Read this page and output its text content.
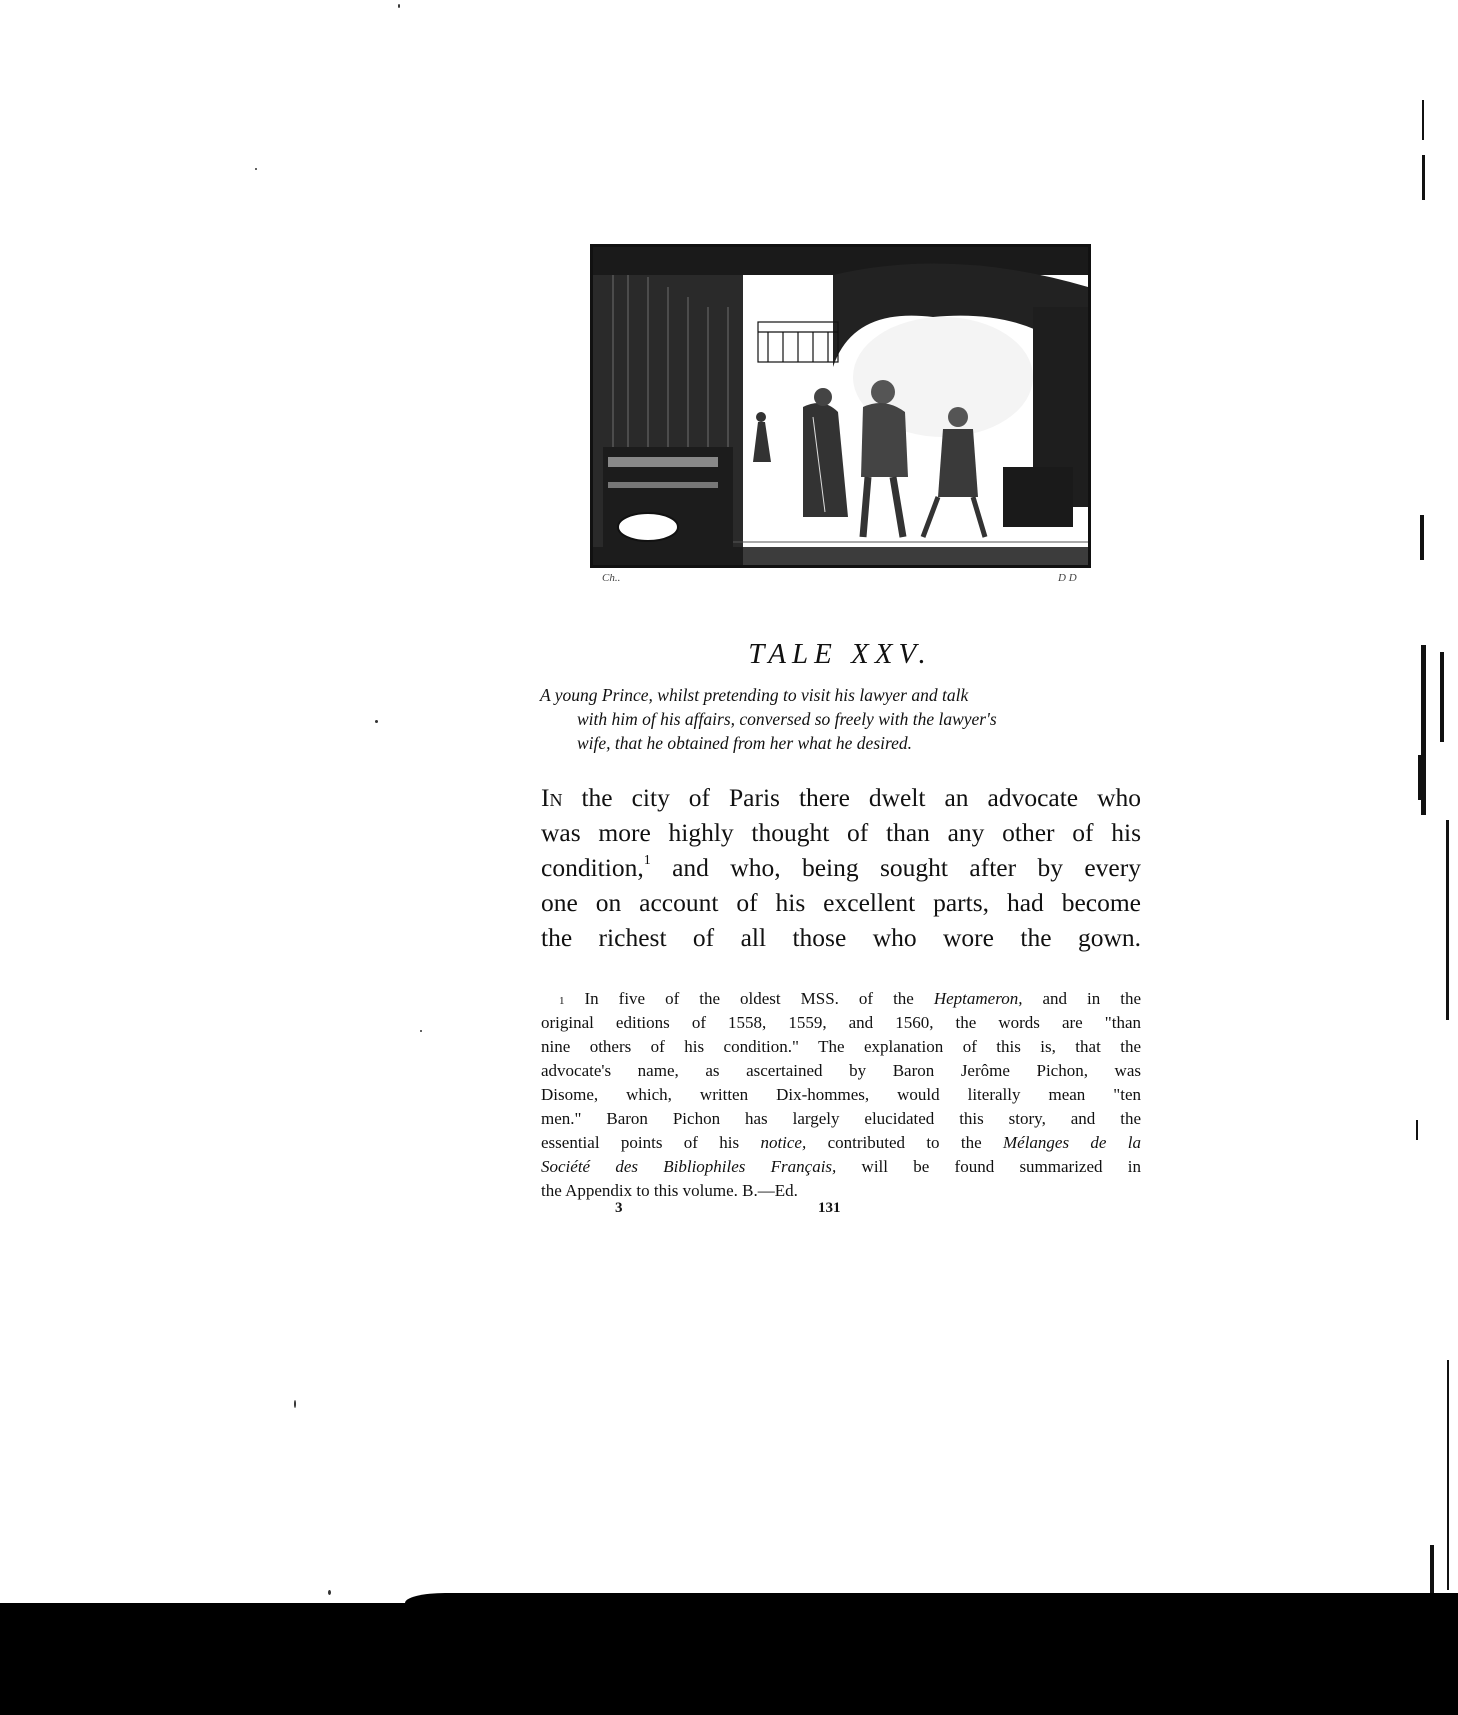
Ch..	D D
TALE XXV.
A young Prince, whilst pretending to visit his lawyer and talk
with him of his affairs, conversed so freely with the lawyer's
wife, that he obtained from her what he desired.
In the city of Paris there dwelt an advocate who
was more highly thought of than any other of his
condition,$^1$ and who, being sought after by every
one on account of his excellent parts, had become
the richest of all those who wore the gown.
$^1$ In five of the oldest MSS. of the Heptameron, and in the
original editions of 1558, 1559, and 1560, the words are "than
nine others of his condition." The explanation of this is, that the
advocate's name, as ascertained by Baron Jerôme Pichon, was
Disome, which, written Dix-hommes, would literally mean "ten
men." Baron Pichon has largely elucidated this story, and the
essential points of his notice, contributed to the Mélanges de la
Société des Bibliophiles Français, will be found summarized in
the Appendix to this volume. B.—Ed.
3	131
